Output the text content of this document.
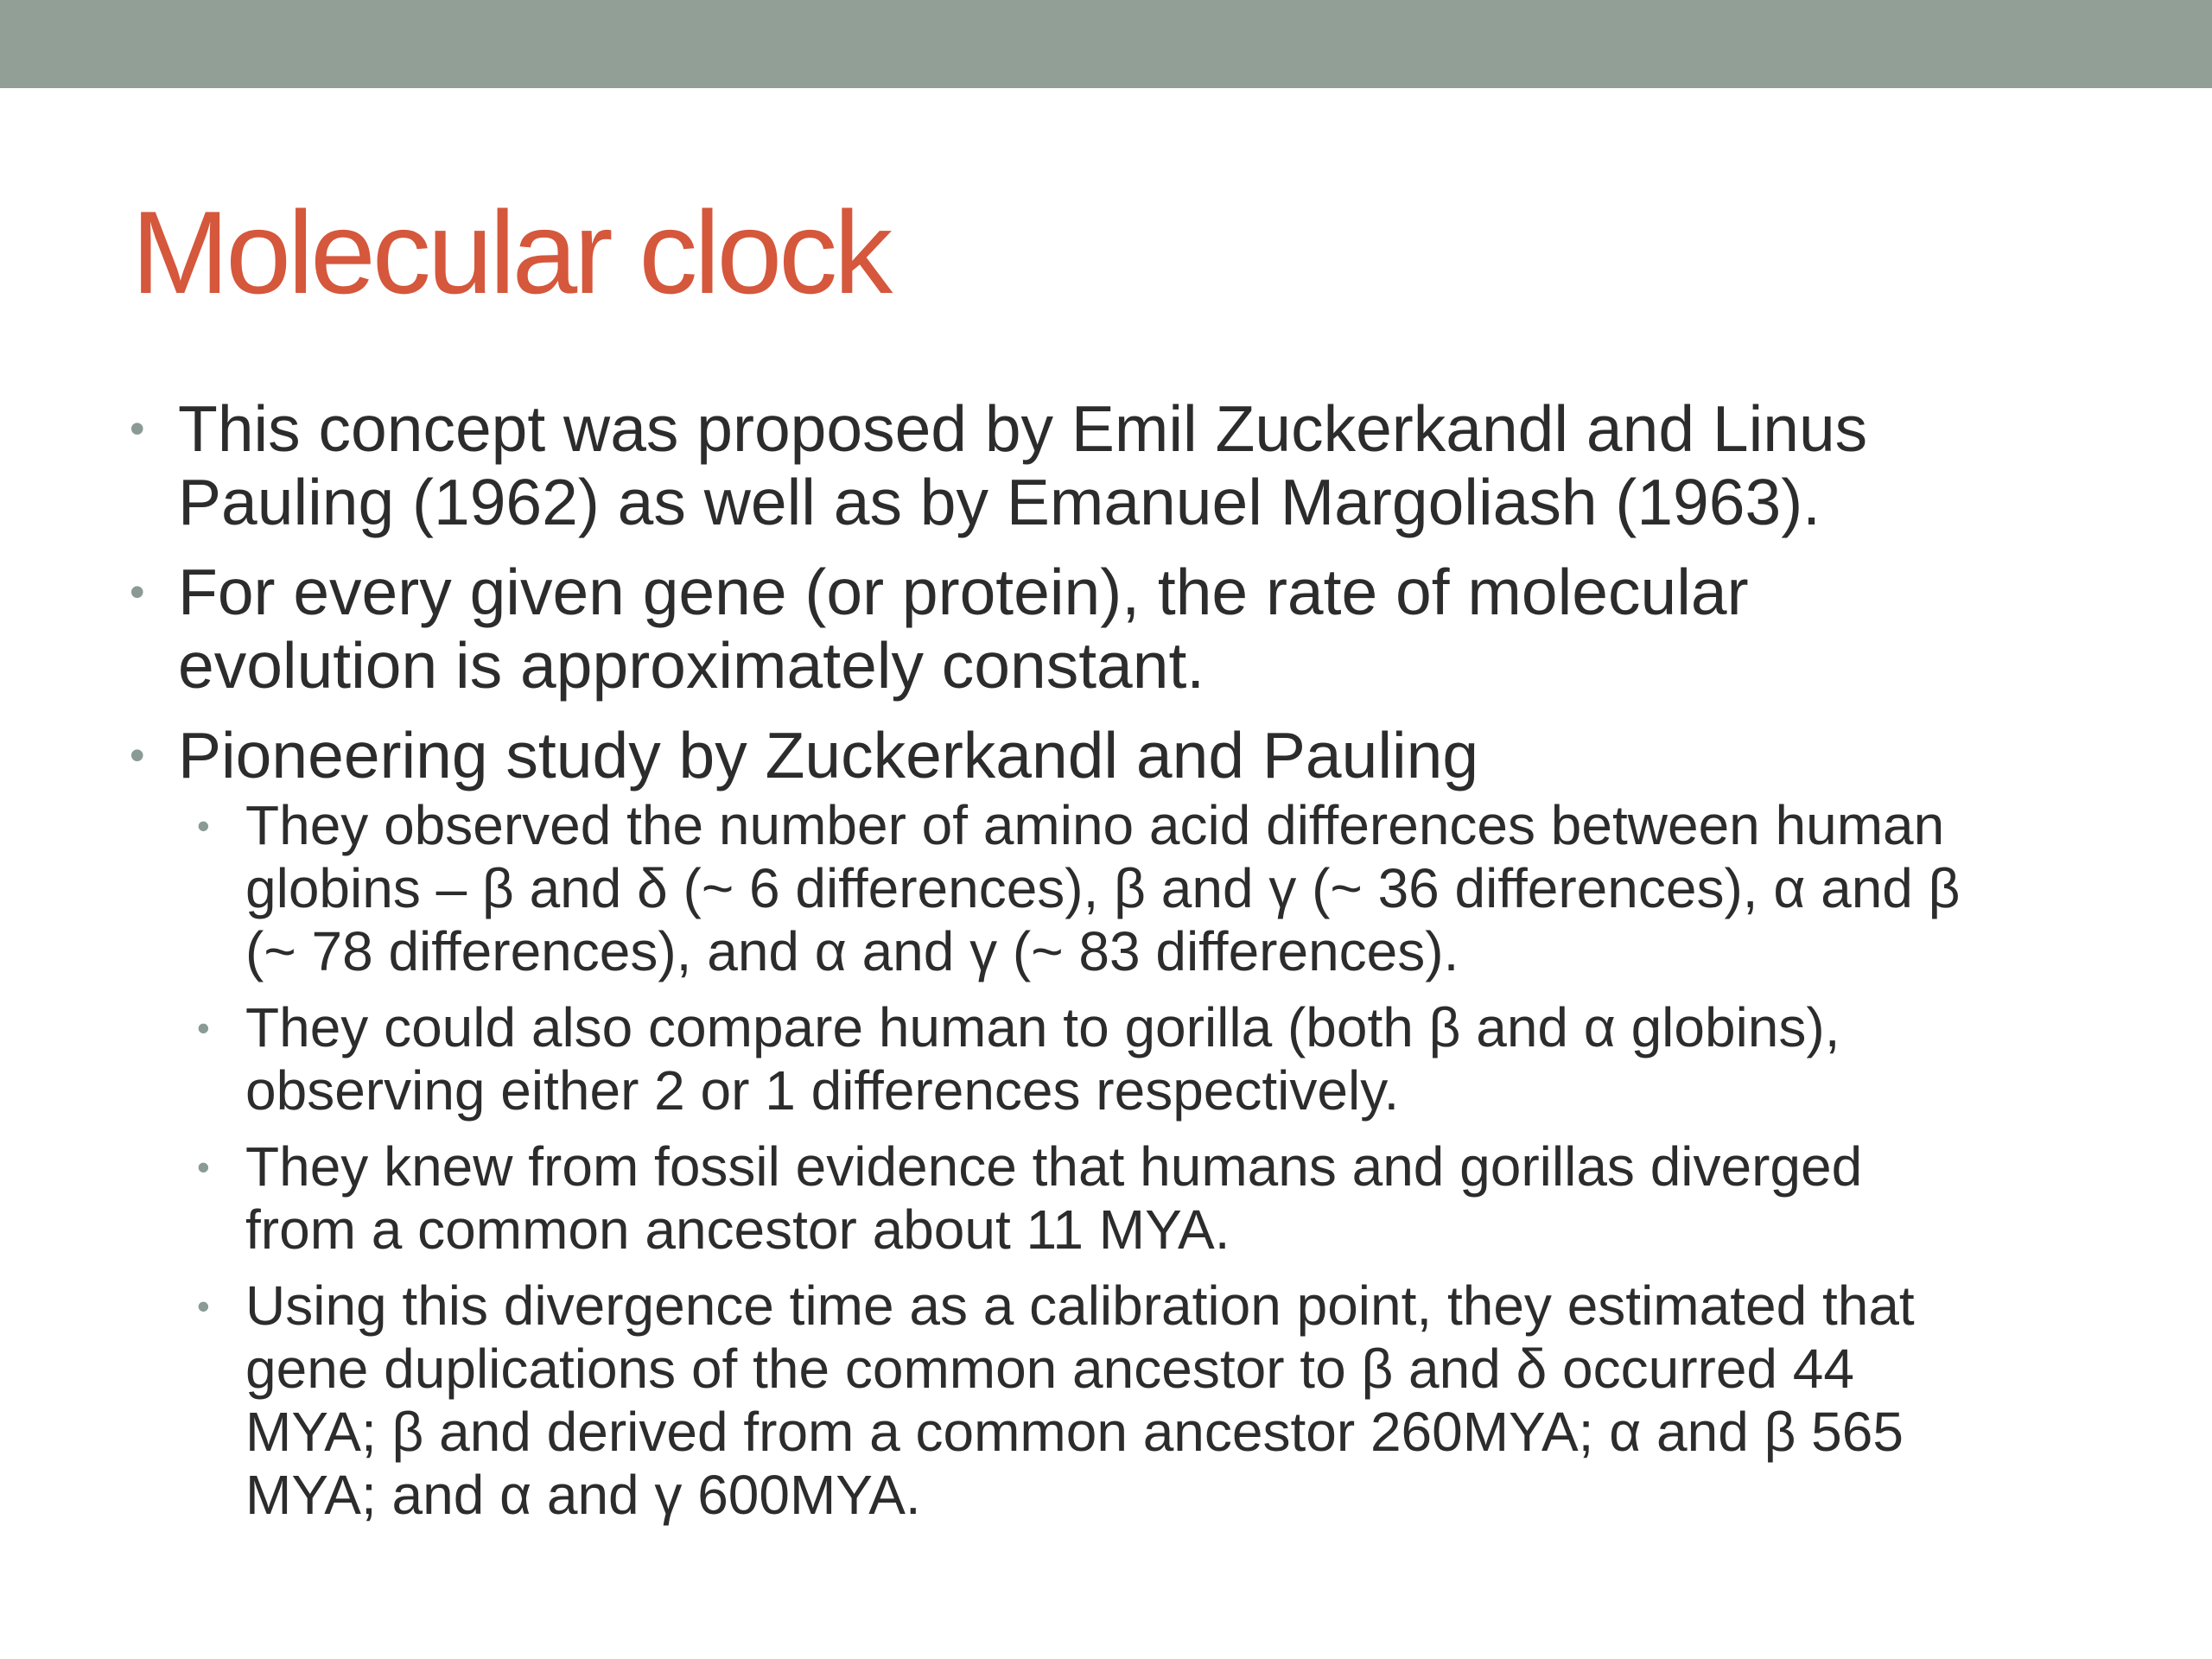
Molecular clock
• This concept was proposed by Emil Zuckerkandl and Linus
Pauling (1962) as well as by Emanuel Margoliash (1963).
• For every given gene (or protein), the rate of molecular
evolution is approximately constant.
• Pioneering study by Zuckerkandl and Pauling
• They observed the number of amino acid differences between human
globins – β and δ (~ 6 differences), β and γ (~ 36 differences), α and β
(~ 78 differences), and α and γ (~ 83 differences).
• They could also compare human to gorilla (both β and α globins),
observing either 2 or 1 differences respectively.
• They knew from fossil evidence that humans and gorillas diverged
from a common ancestor about 11 MYA.
• Using this divergence time as a calibration point, they estimated that
gene duplications of the common ancestor to β and δ occurred 44
MYA; β and derived from a common ancestor 260MYA; α and β 565
MYA; and α and γ 600MYA.
